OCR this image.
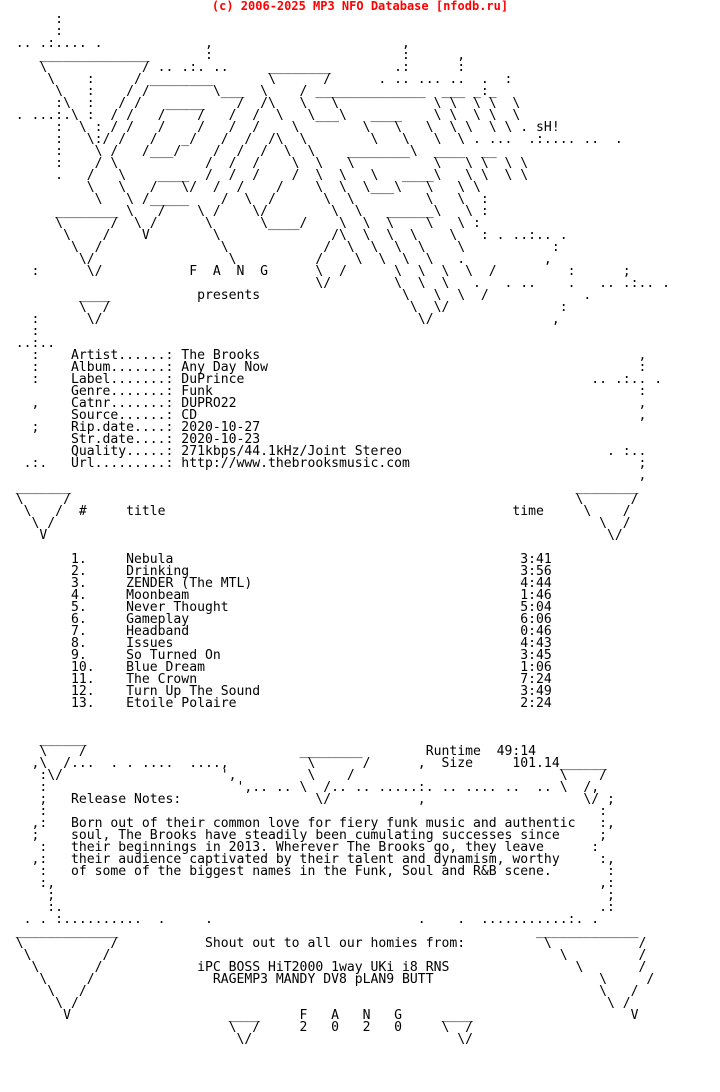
(c) 2006-2025 MP3 NFO Database [nfodb.ru]
:
:
.. .:.... .             ,                        ,
______________       :                        :      ,
\            / .. .:. ..     ________        .:      :
\    :     / ________       \      /      . .. ... ..  .  :
\   :    / /        \___  \    / ______________  ___ _:_
:\  :   / /   _____    /  /\   \   \            \ \  \ \  \
. ...:.\ :  / /   /    /   /  /  \   \___\   ____    \ \  \ \  \
:  \ : / /   /    /   /  /    \        \   \   \  \ \  \ \ . sH!
:   \:/ /   /   _/   /  /  /\  \        \   \   \  \ . ...  .:.... ..  .
:    \ /   /___/    /  /  /  \  \    ________\  ____  __
:    / \           /  /  /    \  \   \          \   \ \  \ \
.   /   \    ____  /  /  /    /  \  \   \   ____\   \ \  \ \
\   \   /   \/  /  /    /    \  \  \___\   \   \ \
\   \ /_____    /  \  /      \  \         \   \  :
________ \   /    \ /    \/        \  \   ______\   \ :
\      /  \ /      \      \____/    \  \  \    \   \ :
\    /    V        \              /\  \  \  \    \   : . ..:.. .
\  /               \            /  \  \  \  \    \           :
\/                 \          /    \  \  \  \   .          ,
:      \/           F  A  N  G      \  /      \  \  \  \  /         :      ;
\/        \  \  \   .   . ..    .   .. .:.. .
____           presents                  \   \  \  /            .
\  /                                      \  \/              :
:      \/                                        \/               ,
:
..:..
:    Artist......: The Brooks                                                ,
:    Album.......: Any Day Now                                               :
:    Label.......: DuPrince                                            .. .:.. .
Genre.......: Funk                                                      :
,    Catnr.......: DUPRO22                                                   ,
Source......: CD                                                        ,
;    Rip.date....: 2020-10-27
Str.date....: 2020-10-23
Quality.....: 271kbps/44.1kHz/Joint Stereo                          . :..
.:.   Url.........: http://www.thebrooksmusic.com                             ;
,
_______                                                                ________
\     /                                                                \      /
\   /  #     title                                            time     \    /
\ /                                                                     \  /
V                                                                       \/

1.     Nebula                                            3:41
2.     Drinking                                          3:56
3.     ZENDER (The MTL)                                  4:44
4.     Moonbeam                                          1:46
5.     Never Thought                                     5:04
6.     Gameplay                                          6:06
7.     Headband                                          0:46
8.     Issues                                            4:43
9.     So Turned On                                      3:45
10.    Blue Dream                                        1:06
11.    The Crown                                         7:24
12.    Turn Up The Sound                                 3:49
13.    Etoile Polaire                                    2:24

______
\    /                           ________        Runtime  49:14
,\  /...  . . ....  ....,          \      /      ,  Size     101.14______
:\/                    ',         \    /                          \    /
:                        ',.. .. \  /.. .. .....:. .. .... ..  .. \  /,
;   Release Notes:                 \/           ,                    \/ ;
:                                                                      :
,:   Born out of their common love for fiery funk music and authentic   :,
;    soul, The Brooks have steadily been cumulating successes since     ;
:   their beginnings in 2013. Wherever The Brooks go, they leave      :
,:   their audience captivated by their talent and dynamism, worthy     :,
:   of some of the biggest names in the Funk, Soul and R&B scene.       :
:,                                                                     ,:
;                                                                      ;
:.                                                                    .:
. . :..........  .     .                          .    .  ...........:. .
_____________                                                     _____________
\           /           Shout out to all our homies from:          \           /
\         /                                                         \         /
\       /            iPC BOSS HiT2000 1way UKi i8 RNS                \       /
\     /               RAGEMP3 MANDY DV8 pLAN9 BUTT                     \     /
\   /                                                                 \   /
\ /                                                                   \ /
V                    ____     F   A   N   G     ____                    V
\  /     2   0   2   0     \  /
\/                          \/
